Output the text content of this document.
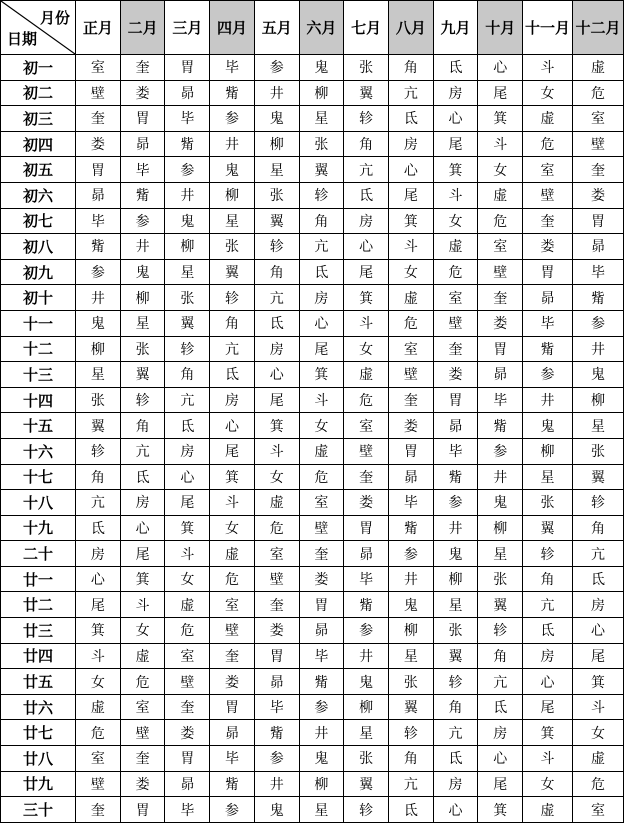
月份
日期	正月	二月	三月	四月	五月	六月	七月	八月	九月	十月	十一月	十二月
初一	室	奎	胃	毕	参	鬼	张	角	氐	心	斗	虚
初二	壁	娄	昴	觜	井	柳	翼	亢	房	尾	女	危
初三	奎	胃	毕	参	鬼	星	轸	氐	心	箕	虚	室
初四	娄	昴	觜	井	柳	张	角	房	尾	斗	危	壁
初五	胃	毕	参	鬼	星	翼	亢	心	箕	女	室	奎
初六	昴	觜	井	柳	张	轸	氐	尾	斗	虚	壁	娄
初七	毕	参	鬼	星	翼	角	房	箕	女	危	奎	胃
初八	觜	井	柳	张	轸	亢	心	斗	虚	室	娄	昴
初九	参	鬼	星	翼	角	氐	尾	女	危	壁	胃	毕
初十	井	柳	张	轸	亢	房	箕	虚	室	奎	昴	觜
十一	鬼	星	翼	角	氐	心	斗	危	壁	娄	毕	参
十二	柳	张	轸	亢	房	尾	女	室	奎	胃	觜	井
十三	星	翼	角	氐	心	箕	虚	壁	娄	昴	参	鬼
十四	张	轸	亢	房	尾	斗	危	奎	胃	毕	井	柳
十五	翼	角	氐	心	箕	女	室	娄	昴	觜	鬼	星
十六	轸	亢	房	尾	斗	虚	壁	胃	毕	参	柳	张
十七	角	氐	心	箕	女	危	奎	昴	觜	井	星	翼
十八	亢	房	尾	斗	虚	室	娄	毕	参	鬼	张	轸
十九	氐	心	箕	女	危	壁	胃	觜	井	柳	翼	角
二十	房	尾	斗	虚	室	奎	昴	参	鬼	星	轸	亢
廿一	心	箕	女	危	壁	娄	毕	井	柳	张	角	氐
廿二	尾	斗	虚	室	奎	胃	觜	鬼	星	翼	亢	房
廿三	箕	女	危	壁	娄	昴	参	柳	张	轸	氐	心
廿四	斗	虚	室	奎	胃	毕	井	星	翼	角	房	尾
廿五	女	危	壁	娄	昴	觜	鬼	张	轸	亢	心	箕
廿六	虚	室	奎	胃	毕	参	柳	翼	角	氐	尾	斗
廿七	危	壁	娄	昴	觜	井	星	轸	亢	房	箕	女
廿八	室	奎	胃	毕	参	鬼	张	角	氐	心	斗	虚
廿九	壁	娄	昴	觜	井	柳	翼	亢	房	尾	女	危
三十	奎	胃	毕	参	鬼	星	轸	氐	心	箕	虚	室
